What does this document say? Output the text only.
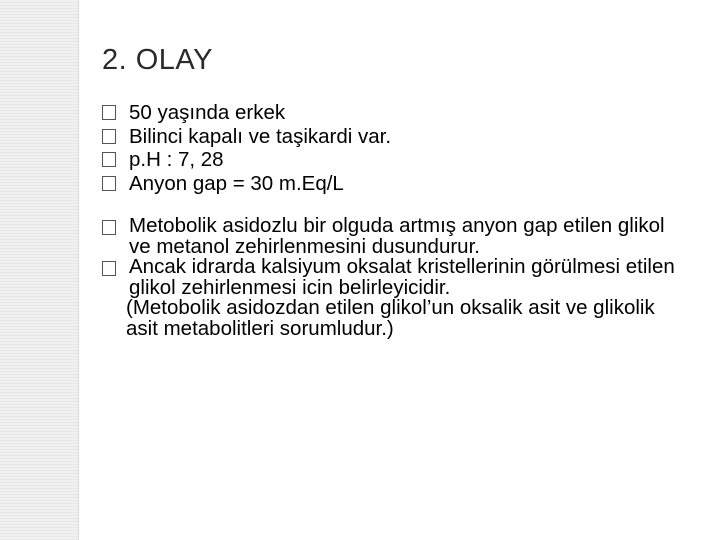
2. OLAY
50 yaşında erkek
Bilinci kapalı ve taşikardi var.
p.H : 7, 28
Anyon gap = 30 m.Eq/L
Metobolik asidozlu bir olguda artmış anyon gap etilen glikol ve metanol zehirlenmesini dusundurur.
Ancak idrarda kalsiyum oksalat kristellerinin görülmesi etilen glikol zehirlenmesi icin belirleyicidir.
(Metobolik asidozdan etilen glikol’un oksalik asit ve glikolik asit metabolitleri sorumludur.)
